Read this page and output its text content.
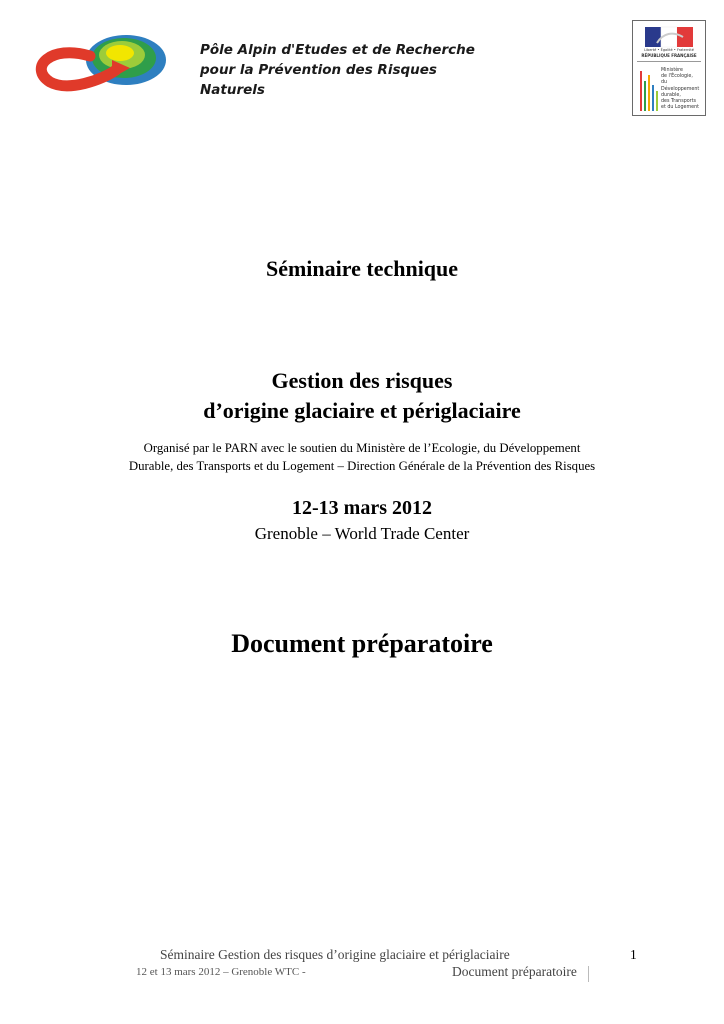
Pôle Alpin d'Etudes et de Recherche
pour la Prévention des Risques Naturels
Liberté • Égalité • Fraternité
RÉPUBLIQUE FRANÇAISE
Ministère
de l'Écologie,
du Développement
durable,
des Transports
et du Logement
Séminaire technique
Gestion des risques
d’origine glaciaire et périglaciaire
Organisé par le PARN avec le soutien du Ministère de l’Ecologie, du Développement
Durable, des Transports et du Logement – Direction Générale de la Prévention des Risques
12-13 mars 2012
Grenoble – World Trade Center
Document préparatoire
Séminaire Gestion des risques d’origine glaciaire et périglaciaire	1
12 et 13 mars 2012 – Grenoble WTC -	Document préparatoire
